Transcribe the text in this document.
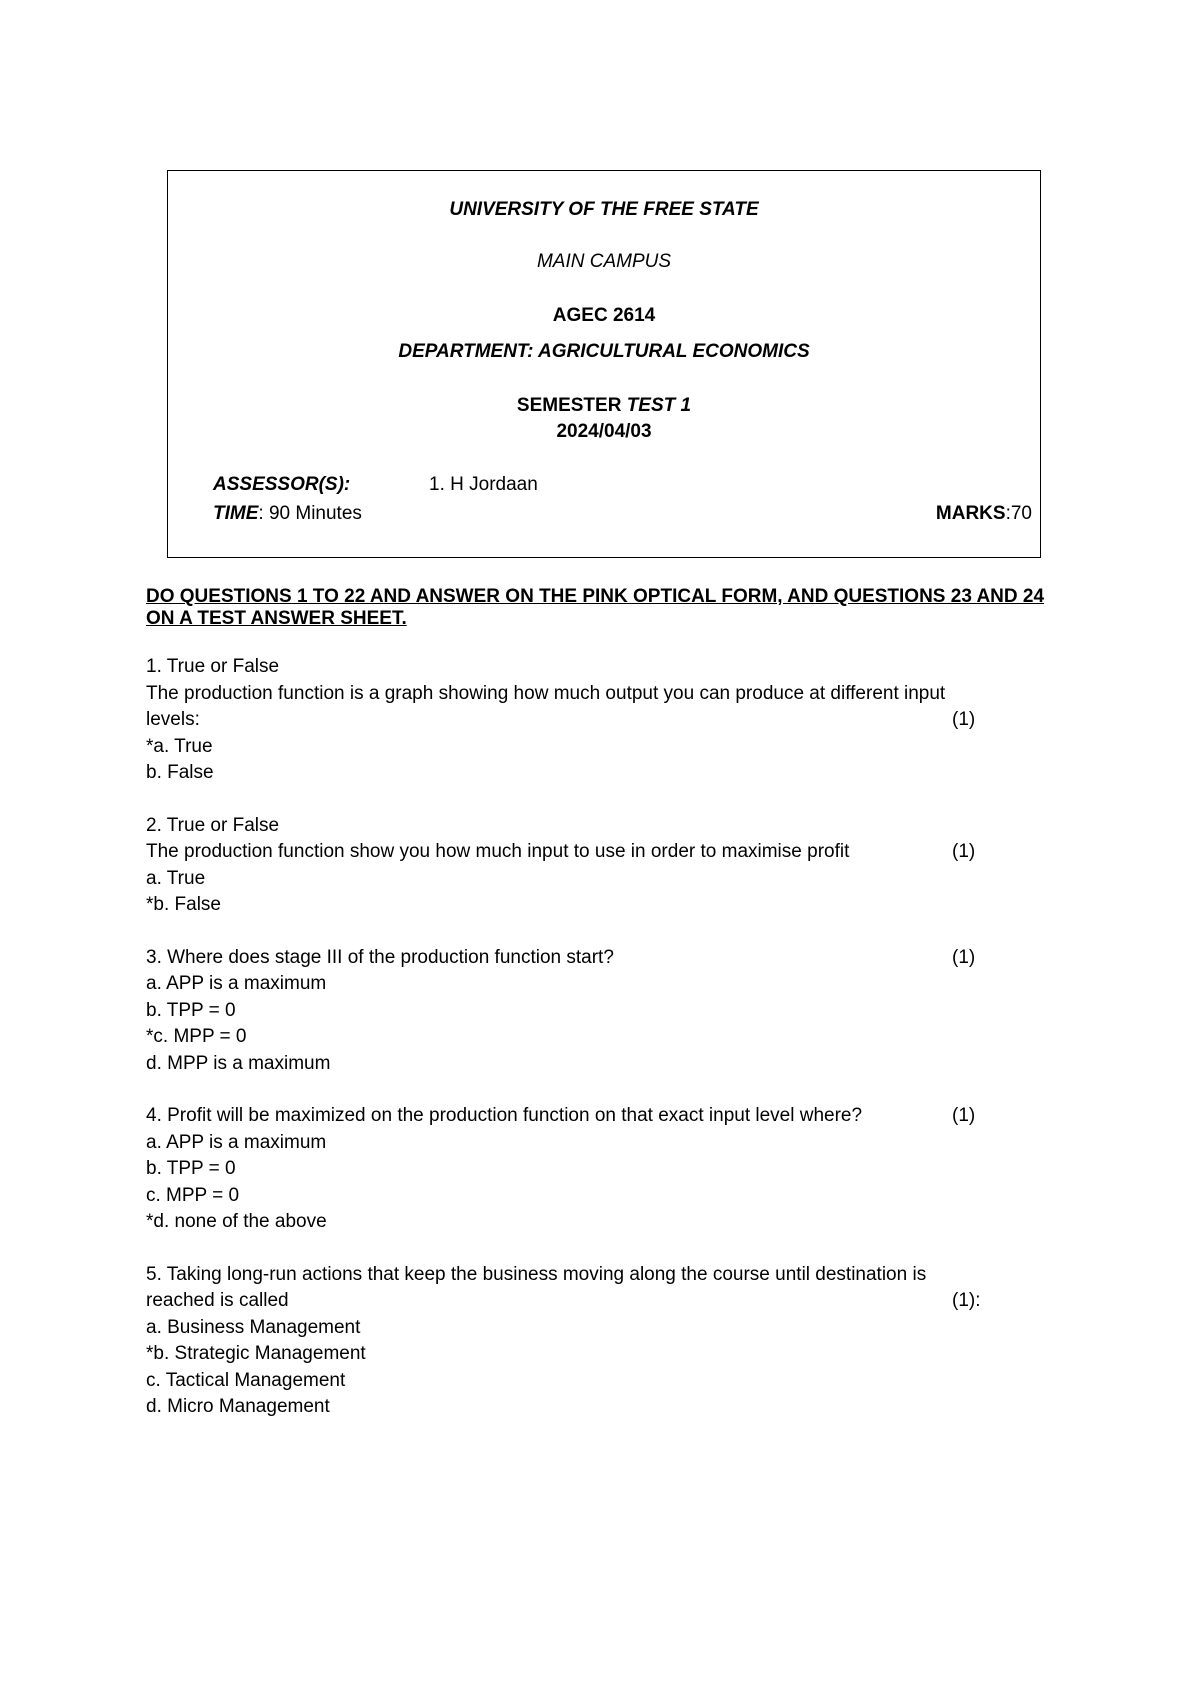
UNIVERSITY OF THE FREE STATE
MAIN CAMPUS
AGEC 2614
DEPARTMENT: AGRICULTURAL ECONOMICS
SEMESTER TEST 1
2024/04/03
ASSESSOR(S):	1. H Jordaan
TIME: 90 Minutes	MARKS:70
DO QUESTIONS 1 TO 22 AND ANSWER ON THE PINK OPTICAL FORM, AND QUESTIONS 23 AND 24 ON A TEST ANSWER SHEET.
1. True or False
The production function is a graph showing how much output you can produce at different input
levels:	(1)
*a. True
b. False
2. True or False
The production function show you how much input to use in order to maximise profit	(1)
a. True
*b. False
3. Where does stage III of the production function start?	(1)
a. APP is a maximum
b. TPP = 0
*c. MPP = 0
d. MPP is a maximum
4. Profit will be maximized on the production function on that exact input level where?	(1)
a. APP is a maximum
b. TPP = 0
c. MPP = 0
*d. none of the above
5. Taking long-run actions that keep the business moving along the course until destination is
reached is called	(1):
a. Business Management
*b. Strategic Management
c. Tactical Management
d. Micro Management
